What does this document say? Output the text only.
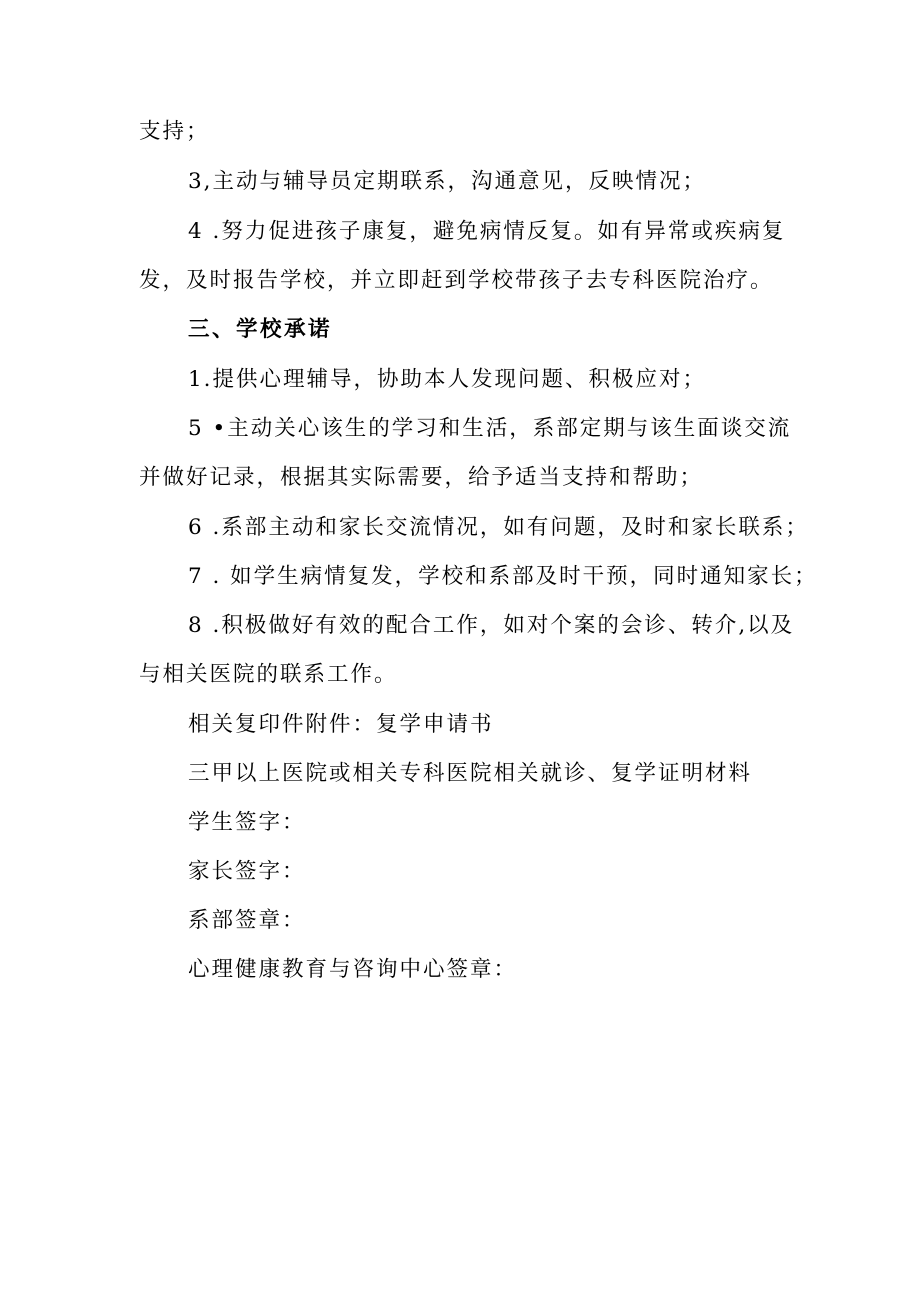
支持；

3,主动与辅导员定期联系，沟通意见，反映情况；

4 .努力促进孩子康复，避免病情反复。如有异常或疾病复

发，及时报告学校，并立即赶到学校带孩子去专科医院治疗。

三、学校承诺

1.提供心理辅导，协助本人发现问题、积极应对；

5 •主动关心该生的学习和生活，系部定期与该生面谈交流

并做好记录，根据其实际需要，给予适当支持和帮助；

6 .系部主动和家长交流情况，如有问题，及时和家长联系；

7 . 如学生病情复发，学校和系部及时干预，同时通知家长；

8 .积极做好有效的配合工作，如对个案的会诊、转介,以及

与相关医院的联系工作。

相关复印件附件：复学申请书

三甲以上医院或相关专科医院相关就诊、复学证明材料

学生签字：

家长签字：

系部签章：

心理健康教育与咨询中心签章：
